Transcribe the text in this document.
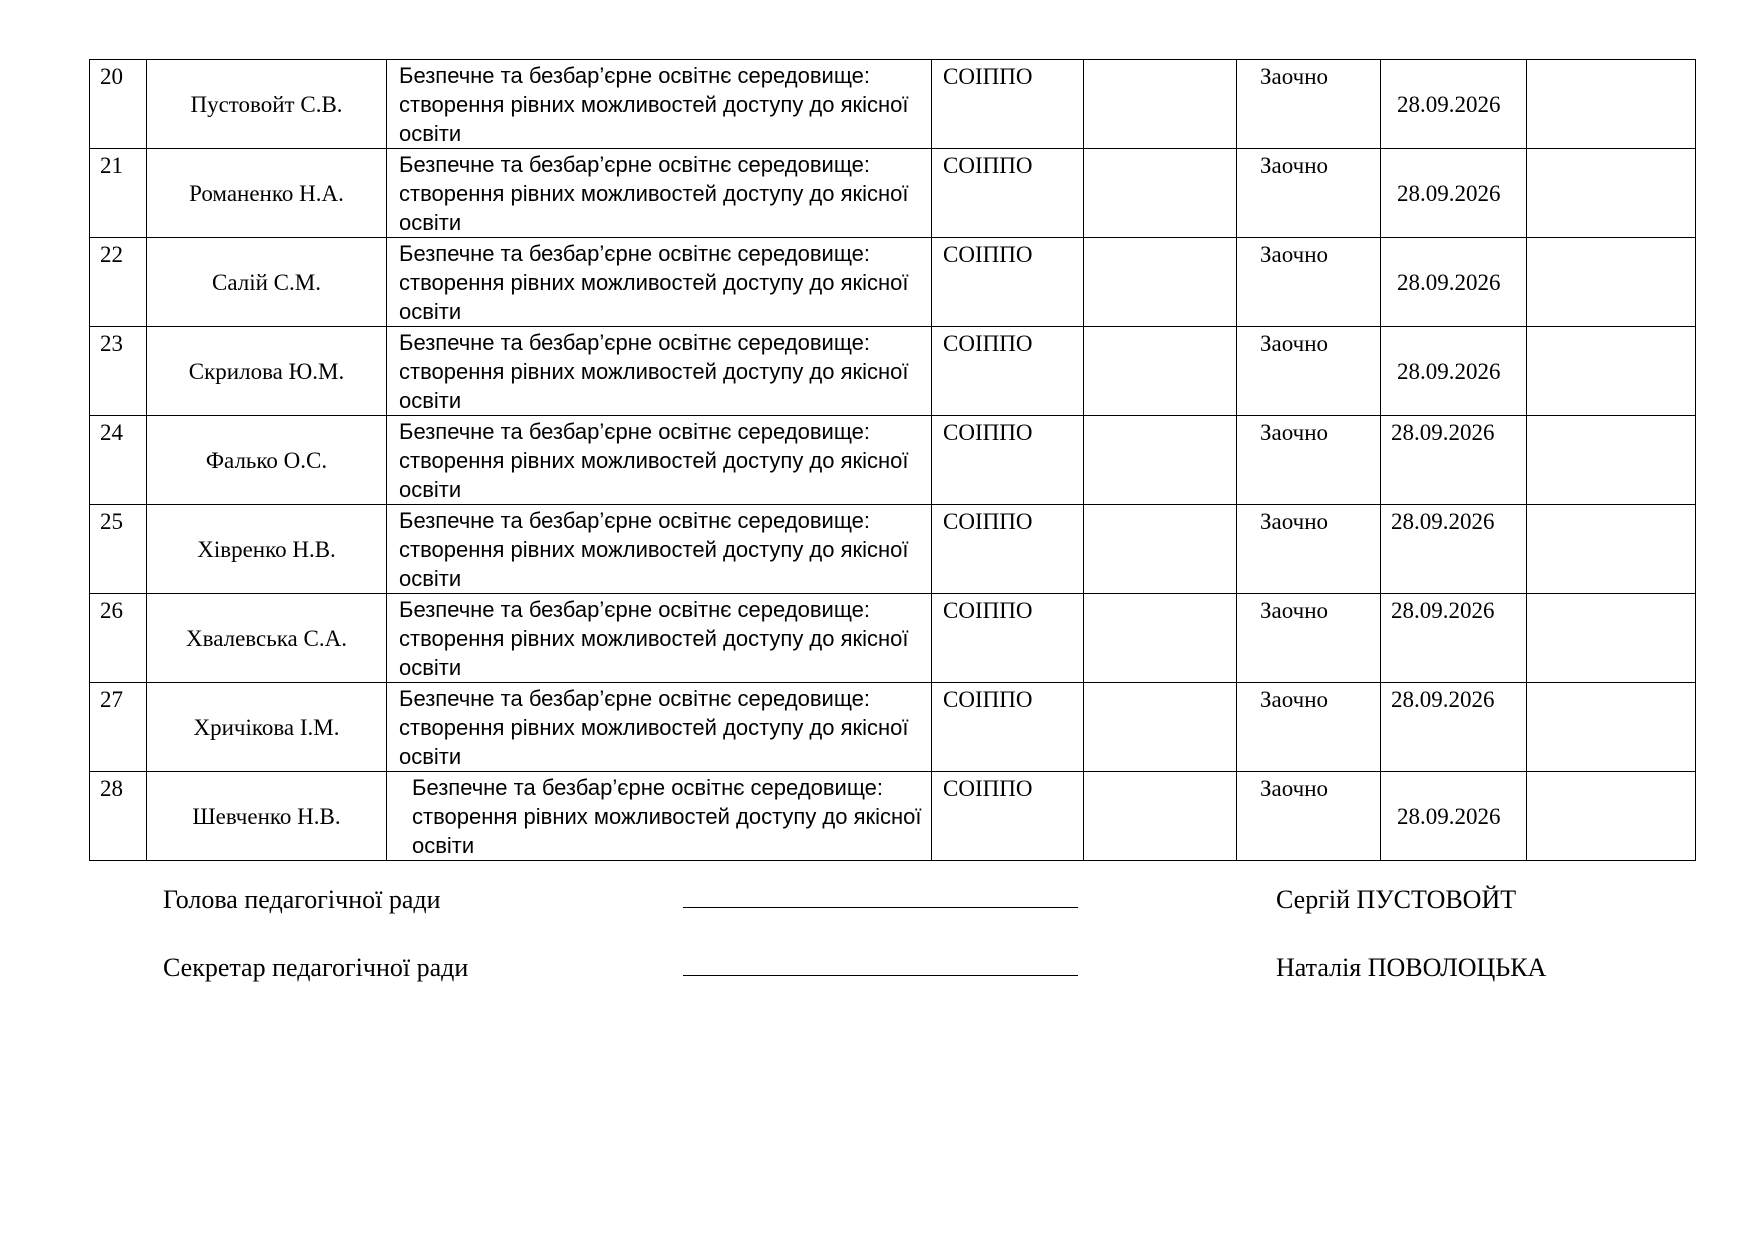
20	Пустовойт С.В.	Безпечне та безбар’єрне освітнє середовище: створення рівних можливостей доступу до якісної освіти	СОІППО		Заочно	28.09.2026	

21	Романенко Н.А.	Безпечне та безбар’єрне освітнє середовище: створення рівних можливостей доступу до якісної освіти	СОІППО		Заочно	28.09.2026	

22	Салій С.М.	Безпечне та безбар’єрне освітнє середовище: створення рівних можливостей доступу до якісної освіти	СОІППО		Заочно	28.09.2026	

23	Скрилова Ю.М.	Безпечне та безбар’єрне освітнє середовище: створення рівних можливостей доступу до якісної освіти	СОІППО		Заочно	28.09.2026	

24	Фалько О.С.	Безпечне та безбар’єрне освітнє середовище: створення рівних можливостей доступу до якісної освіти	СОІППО		Заочно	28.09.2026	

25	Хівренко Н.В.	Безпечне та безбар’єрне освітнє середовище: створення рівних можливостей доступу до якісної освіти	СОІППО		Заочно	28.09.2026	

26	Хвалевська С.А.	Безпечне та безбар’єрне освітнє середовище: створення рівних можливостей доступу до якісної освіти	СОІППО		Заочно	28.09.2026	

27	Хричікова І.М.	Безпечне та безбар’єрне освітнє середовище: створення рівних можливостей доступу до якісної освіти	СОІППО		Заочно	28.09.2026	

28	Шевченко Н.В.	Безпечне та безбар’єрне освітнє середовище: створення рівних можливостей доступу до якісної освіти	СОІППО		Заочно	28.09.2026	

Голова педагогічної ради	Сергій ПУСТОВОЙТ
Секретар педагогічної ради	Наталія ПОВОЛОЦЬКА
